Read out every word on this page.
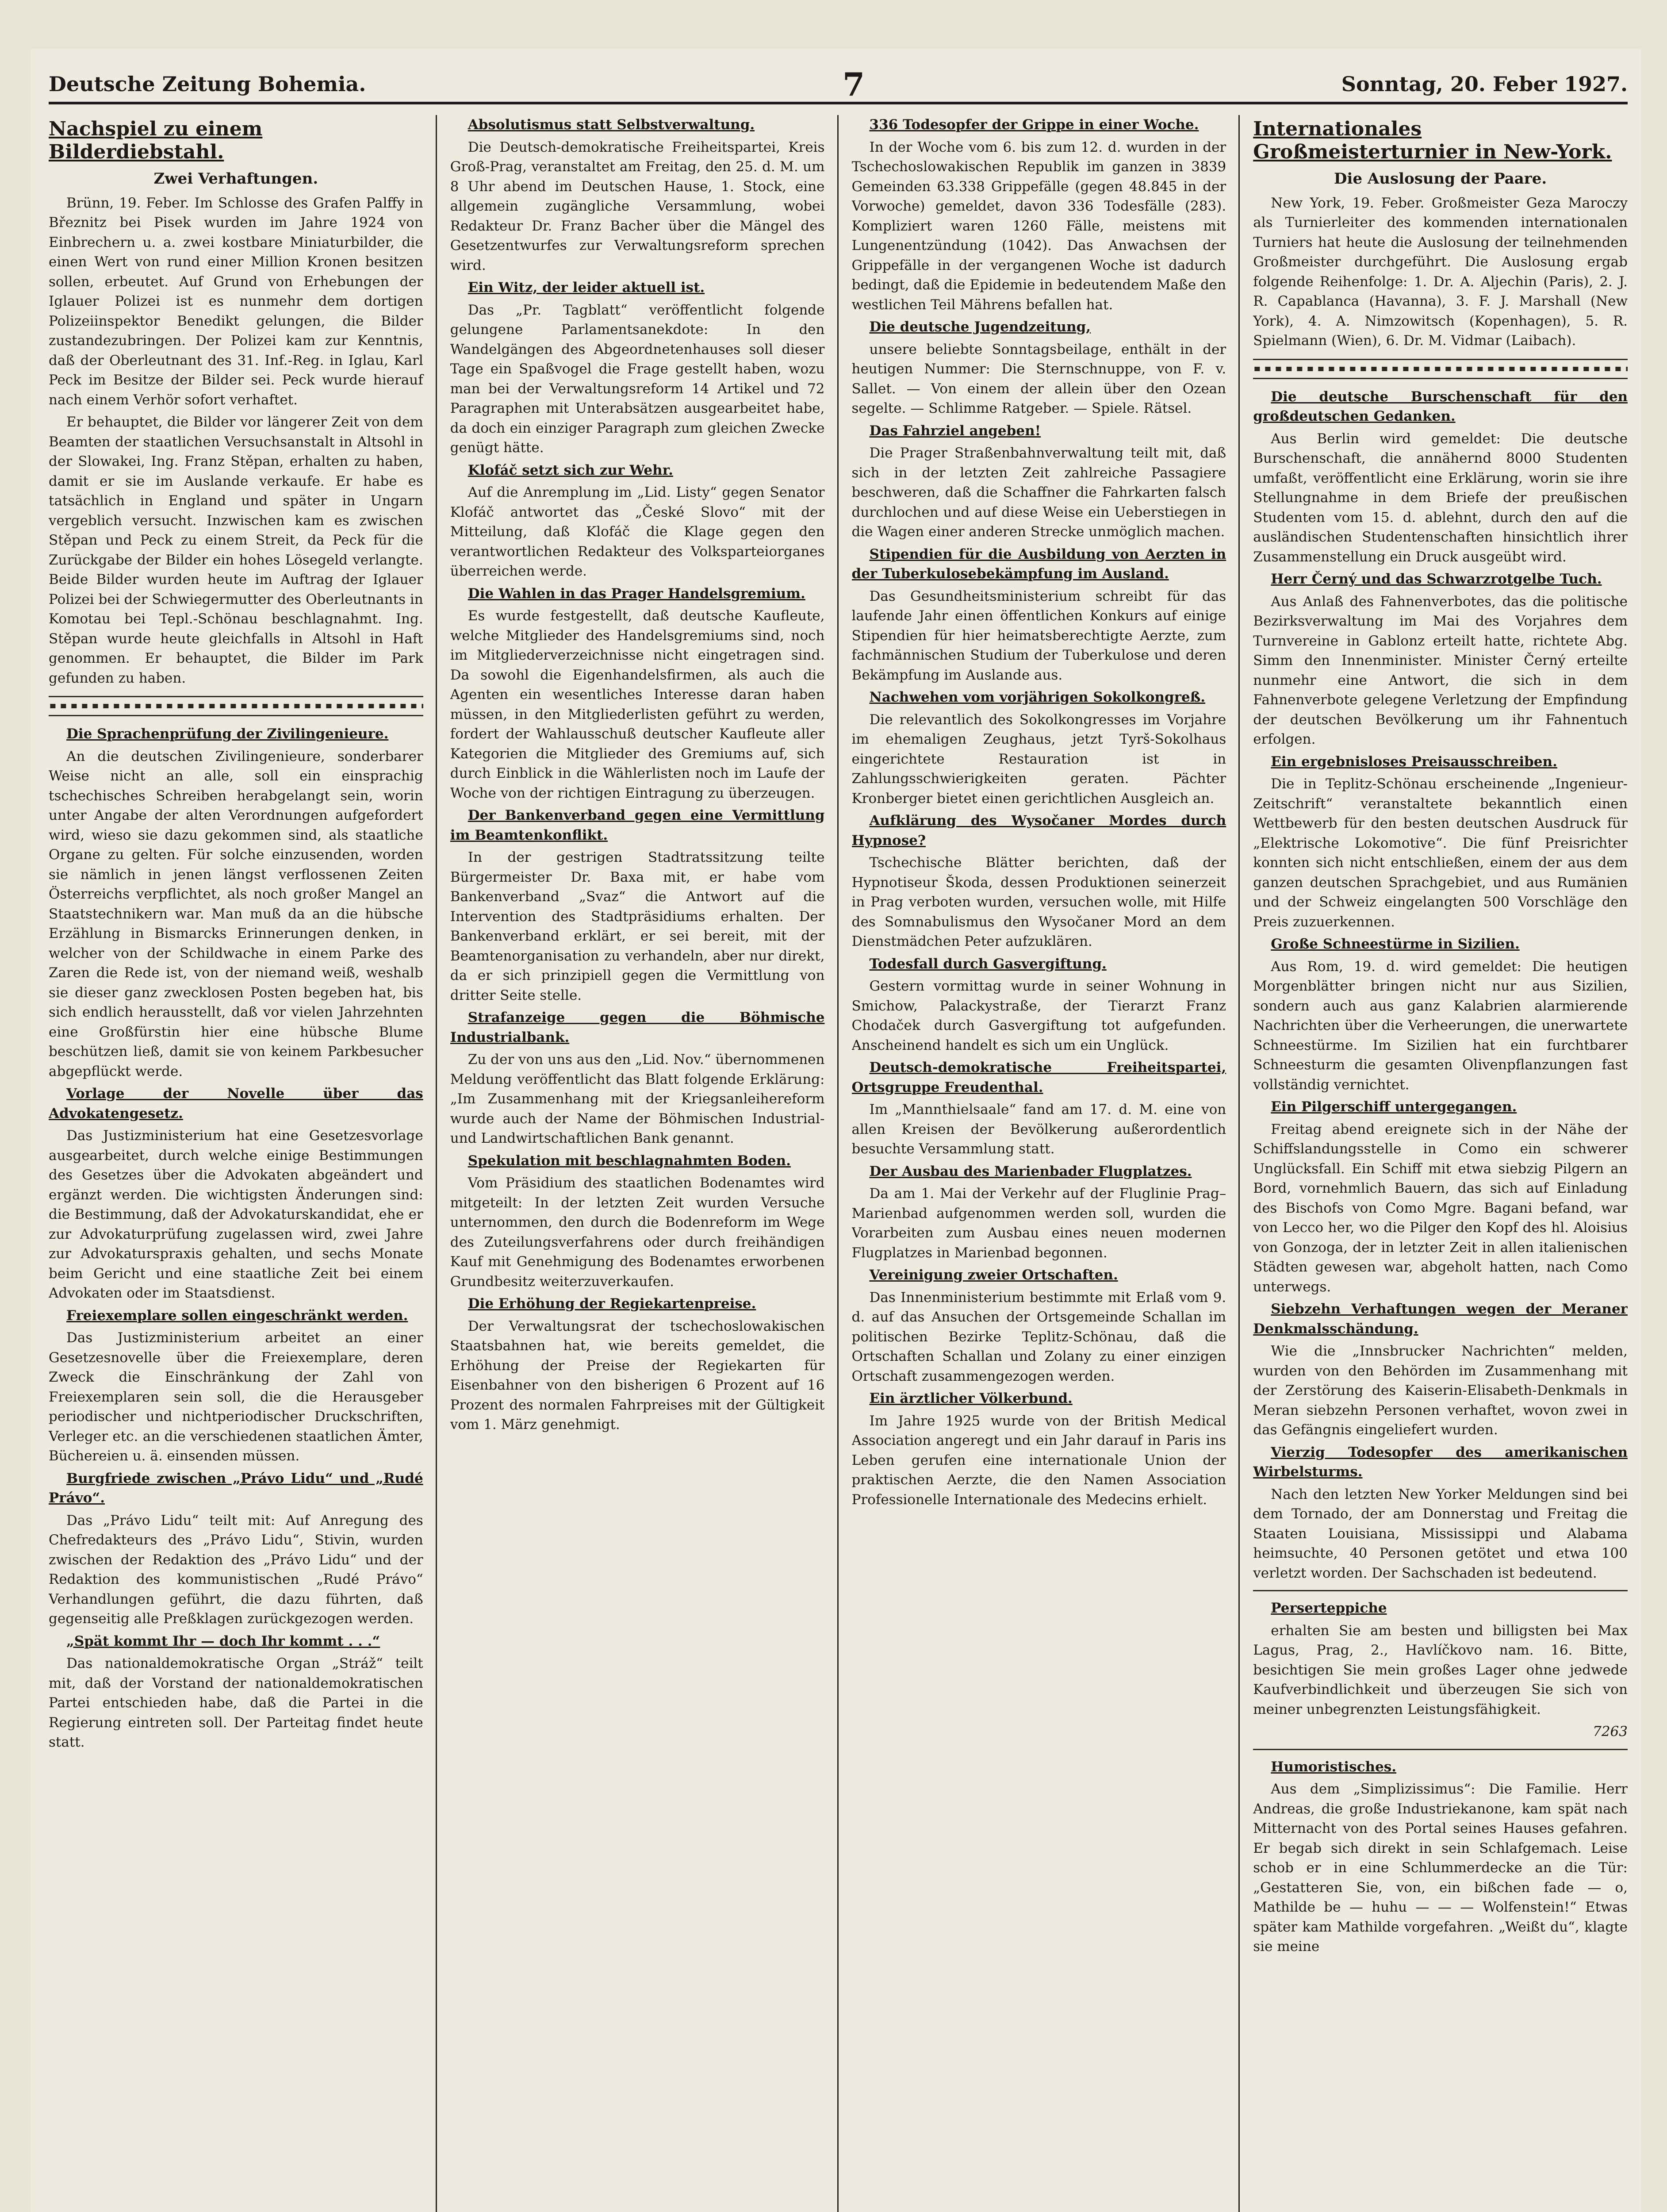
Deutsche Zeitung Bohemia.	7	Sonntag, 20. Feber 1927.
Nachspiel zu einem Bilderdiebstahl.
Zwei Verhaftungen.

Brünn, 19. Feber. Im Schlosse des Grafen Palffy in Březnitz bei Pisek wurden im Jahre 1924 von Einbrechern u. a. zwei kostbare Miniaturbilder, die einen Wert von rund einer Million Kronen besitzen sollen, erbeutet. Auf Grund von Erhebungen der Iglauer Polizei ist es nunmehr dem dortigen Polizeiinspektor Benedikt gelungen, die Bilder zustandezubringen. Der Polizei kam zur Kenntnis, daß der Oberleutnant des 31. Inf.-Reg. in Iglau, Karl Peck im Besitze der Bilder sei. Peck wurde hierauf nach einem Verhör sofort verhaftet.

Er behauptet, die Bilder vor längerer Zeit von dem Beamten der staatlichen Versuchsanstalt in Altsohl in der Slowakei, Ing. Franz Stěpan, erhalten zu haben, damit er sie im Auslande verkaufe. Er habe es tatsächlich in England und später in Ungarn vergeblich versucht. Inzwischen kam es zwischen Stěpan und Peck zu einem Streit, da Peck für die Zurückgabe der Bilder ein hohes Lösegeld verlangte. Beide Bilder wurden heute im Auftrag der Iglauer Polizei bei der Schwiegermutter des Oberleutnants in Komotau bei Tepl.-Schönau beschlagnahmt. Ing. Stěpan wurde heute gleichfalls in Altsohl in Haft genommen. Er behauptet, die Bilder im Park gefunden zu haben.

Die Sprachenprüfung der Zivilingenieure.

An die deutschen Zivilingenieure, sonderbarer Weise nicht an alle, soll ein einsprachig tschechisches Schreiben herabgelangt sein, worin unter Angabe der alten Verordnungen aufgefordert wird, wieso sie dazu gekommen sind, als staatliche Organe zu gelten. Für solche einzusenden, worden sie nämlich in jenen längst verflossenen Zeiten Österreichs verpflichtet, als noch großer Mangel an Staatstechnikern war. Man muß da an die hübsche Erzählung in Bismarcks Erinnerungen denken, in welcher von der Schildwache in einem Parke des Zaren die Rede ist, von der niemand weiß, weshalb sie dieser ganz zwecklosen Posten begeben hat, bis sich endlich herausstellt, daß vor vielen Jahrzehnten eine Großfürstin hier eine hübsche Blume beschützen ließ, damit sie von keinem Parkbesucher abgepflückt werde.

Vorlage der Novelle über das Advokatengesetz.

Das Justizministerium hat eine Gesetzesvorlage ausgearbeitet, durch welche einige Bestimmungen des Gesetzes über die Advokaten abgeändert und ergänzt werden. Die wichtigsten Änderungen sind: die Bestimmung, daß der Advokaturskandidat, ehe er zur Advokaturprüfung zugelassen wird, zwei Jahre zur Advokaturspraxis gehalten, und sechs Monate beim Gericht und eine staatliche Zeit bei einem Advokaten oder im Staatsdienst.

Freiexemplare sollen eingeschränkt werden.

Das Justizministerium arbeitet an einer Gesetzesnovelle über die Freiexemplare, deren Zweck die Einschränkung der Zahl von Freiexemplaren sein soll, die die Herausgeber periodischer und nichtperiodischer Druckschriften, Verleger etc. an die verschiedenen staatlichen Ämter, Büchereien u. ä. einsenden müssen.

Burgfriede zwischen „Právo Lidu“ und „Rudé Právo“.

Das „Právo Lidu“ teilt mit: Auf Anregung des Chefredakteurs des „Právo Lidu“, Stivin, wurden zwischen der Redaktion des „Právo Lidu“ und der Redaktion des kommunistischen „Rudé Právo“ Verhandlungen geführt, die dazu führten, daß gegenseitig alle Preßklagen zurückgezogen werden.

„Spät kommt Ihr — doch Ihr kommt . . .“

Das nationaldemokratische Organ „Stráž“ teilt mit, daß der Vorstand der nationaldemokratischen Partei entschieden habe, daß die Partei in die Regierung eintreten soll. Der Parteitag findet heute statt.

Absolutismus statt Selbstverwaltung.

Die Deutsch-demokratische Freiheitspartei, Kreis Groß-Prag, veranstaltet am Freitag, den 25. d. M. um 8 Uhr abend im Deutschen Hause, 1. Stock, eine allgemein zugängliche Versammlung, wobei Redakteur Dr. Franz Bacher über die Mängel des Gesetzentwurfes zur Verwaltungsreform sprechen wird.

Ein Witz, der leider aktuell ist.

Das „Pr. Tagblatt“ veröffentlicht folgende gelungene Parlamentsanekdote: In den Wandelgängen des Abgeordnetenhauses soll dieser Tage ein Spaßvogel die Frage gestellt haben, wozu man bei der Verwaltungsreform 14 Artikel und 72 Paragraphen mit Unterabsätzen ausgearbeitet habe, da doch ein einziger Paragraph zum gleichen Zwecke genügt hätte.

Klofáč setzt sich zur Wehr.

Auf die Anremplung im „Lid. Listy“ gegen Senator Klofáč antwortet das „České Slovo“ mit der Mitteilung, daß Klofáč die Klage gegen den verantwortlichen Redakteur des Volksparteiorganes überreichen werde.

Die Wahlen in das Prager Handelsgremium.

Es wurde festgestellt, daß deutsche Kaufleute, welche Mitglieder des Handelsgremiums sind, noch im Mitgliederverzeichnisse nicht eingetragen sind. Da sowohl die Eigenhandelsfirmen, als auch die Agenten ein wesentliches Interesse daran haben müssen, in den Mitgliederlisten geführt zu werden, fordert der Wahlausschuß deutscher Kaufleute aller Kategorien die Mitglieder des Gremiums auf, sich durch Einblick in die Wählerlisten noch im Laufe der Woche von der richtigen Eintragung zu überzeugen.

Der Bankenverband gegen eine Vermittlung im Beamtenkonflikt.

In der gestrigen Stadtratssitzung teilte Bürgermeister Dr. Baxa mit, er habe vom Bankenverband „Svaz“ die Antwort auf die Intervention des Stadtpräsidiums erhalten. Der Bankenverband erklärt, er sei bereit, mit der Beamtenorganisation zu verhandeln, aber nur direkt, da er sich prinzipiell gegen die Vermittlung von dritter Seite stelle.

Strafanzeige gegen die Böhmische Industrialbank.

Zu der von uns aus den „Lid. Nov.“ übernommenen Meldung veröffentlicht das Blatt folgende Erklärung: „Im Zusammenhang mit der Kriegsanleihereform wurde auch der Name der Böhmischen Industrial- und Landwirtschaftlichen Bank genannt.

Spekulation mit beschlagnahmten Boden.

Vom Präsidium des staatlichen Bodenamtes wird mitgeteilt: In der letzten Zeit wurden Versuche unternommen, den durch die Bodenreform im Wege des Zuteilungsverfahrens oder durch freihändigen Kauf mit Genehmigung des Bodenamtes erworbenen Grundbesitz weiterzuverkaufen.

Die Erhöhung der Regiekartenpreise.

Der Verwaltungsrat der tschechoslowakischen Staatsbahnen hat, wie bereits gemeldet, die Erhöhung der Preise der Regiekarten für Eisenbahner von den bisherigen 6 Prozent auf 16 Prozent des normalen Fahrpreises mit der Gültigkeit vom 1. März genehmigt.

336 Todesopfer der Grippe in einer Woche.

In der Woche vom 6. bis zum 12. d. wurden in der Tschechoslowakischen Republik im ganzen in 3839 Gemeinden 63.338 Grippefälle (gegen 48.845 in der Vorwoche) gemeldet, davon 336 Todesfälle (283). Kompliziert waren 1260 Fälle, meistens mit Lungenentzündung (1042). Das Anwachsen der Grippefälle in der vergangenen Woche ist dadurch bedingt, daß die Epidemie in bedeutendem Maße den westlichen Teil Mährens befallen hat.

Die deutsche Jugendzeitung,

unsere beliebte Sonntagsbeilage, enthält in der heutigen Nummer: Die Sternschnuppe, von F. v. Sallet. — Von einem der allein über den Ozean segelte. — Schlimme Ratgeber. — Spiele. Rätsel.

Das Fahrziel angeben!

Die Prager Straßenbahnverwaltung teilt mit, daß sich in der letzten Zeit zahlreiche Passagiere beschweren, daß die Schaffner die Fahrkarten falsch durchlochen und auf diese Weise ein Ueberstiegen in die Wagen einer anderen Strecke unmöglich machen.

Stipendien für die Ausbildung von Aerzten in der Tuberkulosebekämpfung im Ausland.

Das Gesundheitsministerium schreibt für das laufende Jahr einen öffentlichen Konkurs auf einige Stipendien für hier heimatsberechtigte Aerzte, zum fachmännischen Studium der Tuberkulose und deren Bekämpfung im Auslande aus.

Nachwehen vom vorjährigen Sokolkongreß.

Die relevantlich des Sokolkongresses im Vorjahre im ehemaligen Zeughaus, jetzt Tyrš-Sokolhaus eingerichtete Restauration ist in Zahlungsschwierigkeiten geraten. Pächter Kronberger bietet einen gerichtlichen Ausgleich an.

Aufklärung des Wysočaner Mordes durch Hypnose?

Tschechische Blätter berichten, daß der Hypnotiseur Škoda, dessen Produktionen seinerzeit in Prag verboten wurden, versuchen wolle, mit Hilfe des Somnabulismus den Wysočaner Mord an dem Dienstmädchen Peter aufzuklären.

Todesfall durch Gasvergiftung.

Gestern vormittag wurde in seiner Wohnung in Smichow, Palackystraße, der Tierarzt Franz Chodaček durch Gasvergiftung tot aufgefunden. Anscheinend handelt es sich um ein Unglück.

Deutsch-demokratische Freiheitspartei, Ortsgruppe Freudenthal.

Im „Mannthielsaale“ fand am 17. d. M. eine von allen Kreisen der Bevölkerung außerordentlich besuchte Versammlung statt.

Der Ausbau des Marienbader Flugplatzes.

Da am 1. Mai der Verkehr auf der Fluglinie Prag–Marienbad aufgenommen werden soll, wurden die Vorarbeiten zum Ausbau eines neuen modernen Flugplatzes in Marienbad begonnen.

Vereinigung zweier Ortschaften.

Das Innenministerium bestimmte mit Erlaß vom 9. d. auf das Ansuchen der Ortsgemeinde Schallan im politischen Bezirke Teplitz-Schönau, daß die Ortschaften Schallan und Zolany zu einer einzigen Ortschaft zusammengezogen werden.

Ein ärztlicher Völkerbund.

Im Jahre 1925 wurde von der British Medical Association angeregt und ein Jahr darauf in Paris ins Leben gerufen eine internationale Union der praktischen Aerzte, die den Namen Association Professionelle Internationale des Medecins erhielt.

Internationales Großmeisterturnier in New-York.
Die Auslosung der Paare.

New York, 19. Feber. Großmeister Geza Maroczy als Turnierleiter des kommenden internationalen Turniers hat heute die Auslosung der teilnehmenden Großmeister durchgeführt. Die Auslosung ergab folgende Reihenfolge: 1. Dr. A. Aljechin (Paris), 2. J. R. Capablanca (Havanna), 3. F. J. Marshall (New York), 4. A. Nimzowitsch (Kopenhagen), 5. R. Spielmann (Wien), 6. Dr. M. Vidmar (Laibach).

Die deutsche Burschenschaft für den großdeutschen Gedanken.

Aus Berlin wird gemeldet: Die deutsche Burschenschaft, die annähernd 8000 Studenten umfaßt, veröffentlicht eine Erklärung, worin sie ihre Stellungnahme in dem Briefe der preußischen Studenten vom 15. d. ablehnt, durch den auf die ausländischen Studentenschaften hinsichtlich ihrer Zusammenstellung ein Druck ausgeübt wird.

Herr Černý und das Schwarzrotgelbe Tuch.

Aus Anlaß des Fahnenverbotes, das die politische Bezirksverwaltung im Mai des Vorjahres dem Turnvereine in Gablonz erteilt hatte, richtete Abg. Simm den Innenminister. Minister Černý erteilte nunmehr eine Antwort, die sich in dem Fahnenverbote gelegene Verletzung der Empfindung der deutschen Bevölkerung um ihr Fahnentuch erfolgen.

Ein ergebnisloses Preisausschreiben.

Die in Teplitz-Schönau erscheinende „Ingenieur-Zeitschrift“ veranstaltete bekanntlich einen Wettbewerb für den besten deutschen Ausdruck für „Elektrische Lokomotive“. Die fünf Preisrichter konnten sich nicht entschließen, einem der aus dem ganzen deutschen Sprachgebiet, und aus Rumänien und der Schweiz eingelangten 500 Vorschläge den Preis zuzuerkennen.

Große Schneestürme in Sizilien.

Aus Rom, 19. d. wird gemeldet: Die heutigen Morgenblätter bringen nicht nur aus Sizilien, sondern auch aus ganz Kalabrien alarmierende Nachrichten über die Verheerungen, die unerwartete Schneestürme. Im Sizilien hat ein furchtbarer Schneesturm die gesamten Olivenpflanzungen fast vollständig vernichtet.

Ein Pilgerschiff untergegangen.

Freitag abend ereignete sich in der Nähe der Schiffslandungsstelle in Como ein schwerer Unglücksfall. Ein Schiff mit etwa siebzig Pilgern an Bord, vornehmlich Bauern, das sich auf Einladung des Bischofs von Como Mgre. Bagani befand, war von Lecco her, wo die Pilger den Kopf des hl. Aloisius von Gonzoga, der in letzter Zeit in allen italienischen Städten gewesen war, abgeholt hatten, nach Como unterwegs.

Siebzehn Verhaftungen wegen der Meraner Denkmalsschändung.

Wie die „Innsbrucker Nachrichten“ melden, wurden von den Behörden im Zusammenhang mit der Zerstörung des Kaiserin-Elisabeth-Denkmals in Meran siebzehn Personen verhaftet, wovon zwei in das Gefängnis eingeliefert wurden.

Vierzig Todesopfer des amerikanischen Wirbelsturms.

Nach den letzten New Yorker Meldungen sind bei dem Tornado, der am Donnerstag und Freitag die Staaten Louisiana, Mississippi und Alabama heimsuchte, 40 Personen getötet und etwa 100 verletzt worden. Der Sachschaden ist bedeutend.

Perserteppiche

erhalten Sie am besten und billigsten bei Max Lagus, Prag, 2., Havlíčkovo nam. 16. Bitte, besichtigen Sie mein großes Lager ohne jedwede Kaufverbindlichkeit und überzeugen Sie sich von meiner unbegrenzten Leistungsfähigkeit.

7263

Humoristisches.

Aus dem „Simplizissimus“: Die Familie. Herr Andreas, die große Industriekanone, kam spät nach Mitternacht von des Portal seines Hauses gefahren. Er begab sich direkt in sein Schlafgemach. Leise schob er in eine Schlummerdecke an die Tür: „Gestatteren Sie, von, ein bißchen fade — o, Mathilde be — huhu — — — Wolfenstein!“ Etwas später kam Mathilde vorgefahren. „Weißt du“, klagte sie meine
